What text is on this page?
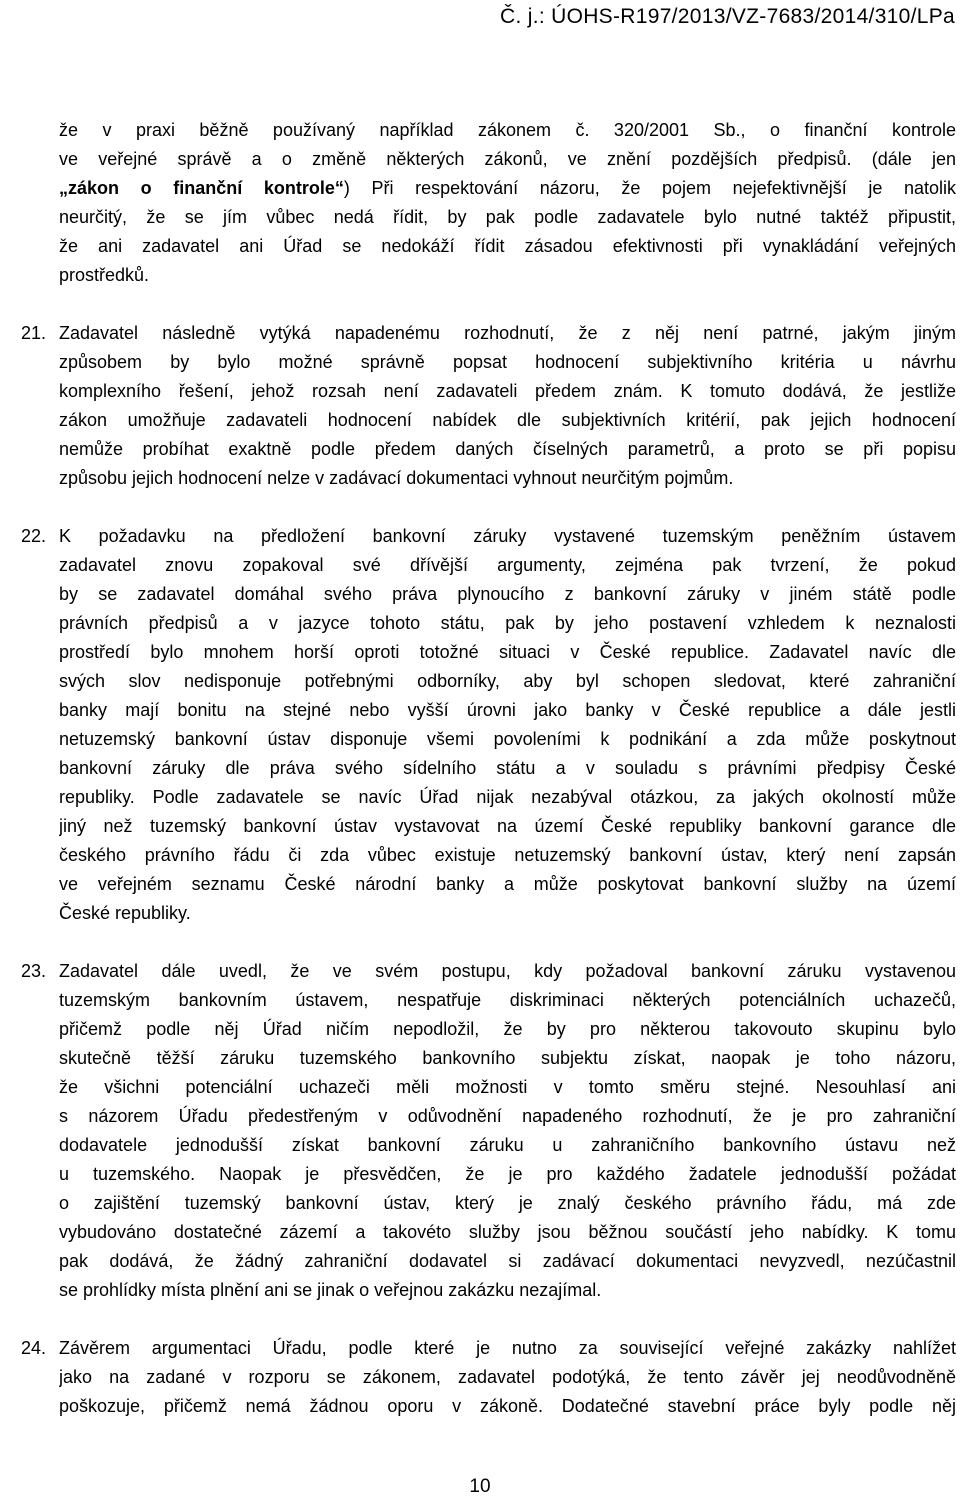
Č. j.: ÚOHS-R197/2013/VZ-7683/2014/310/LPa
že v praxi běžně používaný například zákonem č. 320/2001 Sb., o finanční kontrole
ve veřejné správě a o změně některých zákonů, ve znění pozdějších předpisů. (dále jen
„zákon o finanční kontrole“) Při respektování názoru, že pojem nejefektivnější je natolik
neurčitý, že se jím vůbec nedá řídit, by pak podle zadavatele bylo nutné taktéž připustit,
že ani zadavatel ani Úřad se nedokáží řídit zásadou efektivnosti při vynakládání veřejných
prostředků.
21. Zadavatel následně vytýká napadenému rozhodnutí, že z něj není patrné, jakým jiným
způsobem by bylo možné správně popsat hodnocení subjektivního kritéria u návrhu
komplexního řešení, jehož rozsah není zadavateli předem znám. K tomuto dodává, že jestliže
zákon umožňuje zadavateli hodnocení nabídek dle subjektivních kritérií, pak jejich hodnocení
nemůže probíhat exaktně podle předem daných číselných parametrů, a proto se při popisu
způsobu jejich hodnocení nelze v zadávací dokumentaci vyhnout neurčitým pojmům.
22. K požadavku na předložení bankovní záruky vystavené tuzemským peněžním ústavem
zadavatel znovu zopakoval své dřívější argumenty, zejména pak tvrzení, že pokud
by se zadavatel domáhal svého práva plynoucího z bankovní záruky v jiném státě podle
právních předpisů a v jazyce tohoto státu, pak by jeho postavení vzhledem k neznalosti
prostředí bylo mnohem horší oproti totožné situaci v České republice. Zadavatel navíc dle
svých slov nedisponuje potřebnými odborníky, aby byl schopen sledovat, které zahraniční
banky mají bonitu na stejné nebo vyšší úrovni jako banky v České republice a dále jestli
netuzemský bankovní ústav disponuje všemi povoleními k podnikání a zda může poskytnout
bankovní záruky dle práva svého sídelního státu a v souladu s právními předpisy České
republiky. Podle zadavatele se navíc Úřad nijak nezabýval otázkou, za jakých okolností může
jiný než tuzemský bankovní ústav vystavovat na území České republiky bankovní garance dle
českého právního řádu či zda vůbec existuje netuzemský bankovní ústav, který není zapsán
ve veřejném seznamu České národní banky a může poskytovat bankovní služby na území
České republiky.
23. Zadavatel dále uvedl, že ve svém postupu, kdy požadoval bankovní záruku vystavenou
tuzemským bankovním ústavem, nespatřuje diskriminaci některých potenciálních uchazečů,
přičemž podle něj Úřad ničím nepodložil, že by pro některou takovouto skupinu bylo
skutečně těžší záruku tuzemského bankovního subjektu získat, naopak je toho názoru,
že všichni potenciální uchazeči měli možnosti v tomto směru stejné. Nesouhlasí ani
s názorem Úřadu předestřeným v odůvodnění napadeného rozhodnutí, že je pro zahraniční
dodavatele jednodušší získat bankovní záruku u zahraničního bankovního ústavu než
u tuzemského. Naopak je přesvědčen, že je pro každého žadatele jednodušší požádat
o zajištění tuzemský bankovní ústav, který je znalý českého právního řádu, má zde
vybudováno dostatečné zázemí a takovéto služby jsou běžnou součástí jeho nabídky. K tomu
pak dodává, že žádný zahraniční dodavatel si zadávací dokumentaci nevyzvedl, nezúčastnil
se prohlídky místa plnění ani se jinak o veřejnou zakázku nezajímal.
24. Závěrem argumentaci Úřadu, podle které je nutno za související veřejné zakázky nahlížet
jako na zadané v rozporu se zákonem, zadavatel podotýká, že tento závěr jej neodůvodněně
poškozuje, přičemž nemá žádnou oporu v zákoně. Dodatečné stavební práce byly podle něj
10
